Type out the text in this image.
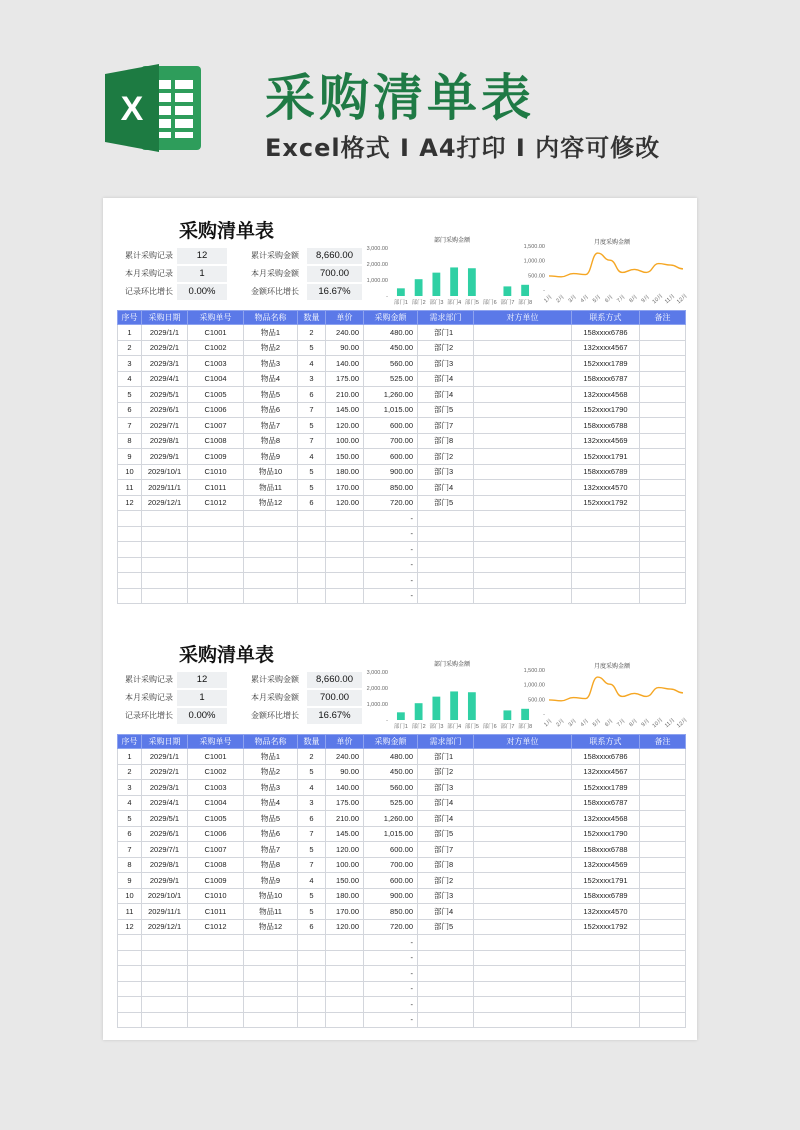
X 采购清单表
Excel格式 I A4打印 I 内容可修改
采购清单表
累计采购记录	12	累计采购金额	8,660.00
本月采购记录	1	本月采购金额	700.00
记录环比增长	0.00%	金额环比增长	16.67%
部门采购金额
3,000.00
2,000.00
1,000.00
-
部门1 部门2 部门3 部门4 部门5 部门6 部门7 部门8
月度采购金额
1,500.00
1,000.00
500.00
-
1月 2月 3月 4月 5月 6月 7月 8月 9月 10月 11月 12月
序号	采购日期	采购单号	物品名称	数量	单价	采购金额	需求部门	对方单位	联系方式	备注
1	2029/1/1	C1001	物品1	2	240.00	480.00	部门1		158xxxx6786	
2	2029/2/1	C1002	物品2	5	90.00	450.00	部门2		132xxxx4567	
3	2029/3/1	C1003	物品3	4	140.00	560.00	部门3		152xxxx1789	
4	2029/4/1	C1004	物品4	3	175.00	525.00	部门4		158xxxx6787	
5	2029/5/1	C1005	物品5	6	210.00	1,260.00	部门4		132xxxx4568	
6	2029/6/1	C1006	物品6	7	145.00	1,015.00	部门5		152xxxx1790	
7	2029/7/1	C1007	物品7	5	120.00	600.00	部门7		158xxxx6788	
8	2029/8/1	C1008	物品8	7	100.00	700.00	部门8		132xxxx4569	
9	2029/9/1	C1009	物品9	4	150.00	600.00	部门2		152xxxx1791	
10	2029/10/1	C1010	物品10	5	180.00	900.00	部门3		158xxxx6789	
11	2029/11/1	C1011	物品11	5	170.00	850.00	部门4		132xxxx4570	
12	2029/12/1	C1012	物品12	6	120.00	720.00	部门5		152xxxx1792	
						-				
						-				
						-				
						-				
						-				
						-				
采购清单表
累计采购记录	12	累计采购金额	8,660.00
本月采购记录	1	本月采购金额	700.00
记录环比增长	0.00%	金额环比增长	16.67%
部门采购金额
3,000.00
2,000.00
1,000.00
-
部门1 部门2 部门3 部门4 部门5 部门6 部门7 部门8
月度采购金额
1,500.00
1,000.00
500.00
-
1月 2月 3月 4月 5月 6月 7月 8月 9月 10月 11月 12月
序号	采购日期	采购单号	物品名称	数量	单价	采购金额	需求部门	对方单位	联系方式	备注
1	2029/1/1	C1001	物品1	2	240.00	480.00	部门1		158xxxx6786	
2	2029/2/1	C1002	物品2	5	90.00	450.00	部门2		132xxxx4567	
3	2029/3/1	C1003	物品3	4	140.00	560.00	部门3		152xxxx1789	
4	2029/4/1	C1004	物品4	3	175.00	525.00	部门4		158xxxx6787	
5	2029/5/1	C1005	物品5	6	210.00	1,260.00	部门4		132xxxx4568	
6	2029/6/1	C1006	物品6	7	145.00	1,015.00	部门5		152xxxx1790	
7	2029/7/1	C1007	物品7	5	120.00	600.00	部门7		158xxxx6788	
8	2029/8/1	C1008	物品8	7	100.00	700.00	部门8		132xxxx4569	
9	2029/9/1	C1009	物品9	4	150.00	600.00	部门2		152xxxx1791	
10	2029/10/1	C1010	物品10	5	180.00	900.00	部门3		158xxxx6789	
11	2029/11/1	C1011	物品11	5	170.00	850.00	部门4		132xxxx4570	
12	2029/12/1	C1012	物品12	6	120.00	720.00	部门5		152xxxx1792	
						-				
						-				
						-				
						-				
						-				
						-				
